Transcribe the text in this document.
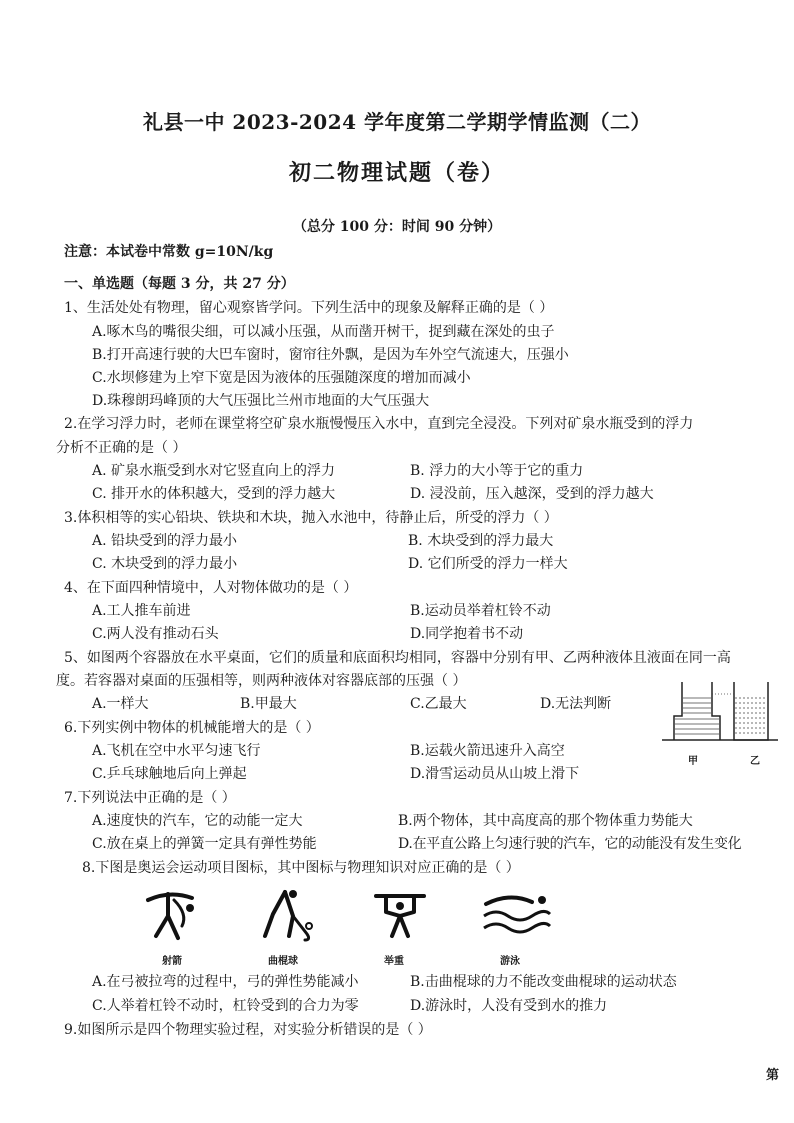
礼县一中 2023-2024 学年度第二学期学情监测（二）
初二物理试题（卷）
（总分 100 分：时间 90 分钟）
注意：本试卷中常数 g=10N/kg
一、单选题（每题 3 分，共 27 分）
1、生活处处有物理，留心观察皆学问。下列生活中的现象及解释正确的是（ ）
A.啄木鸟的嘴很尖细，可以减小压强，从而凿开树干，捉到藏在深处的虫子
B.打开高速行驶的大巴车窗时，窗帘往外飘，是因为车外空气流速大，压强小
C.水坝修建为上窄下宽是因为液体的压强随深度的增加而减小
D.珠穆朗玛峰顶的大气压强比兰州市地面的大气压强大
2.在学习浮力时，老师在课堂将空矿泉水瓶慢慢压入水中，直到完全浸没。下列对矿泉水瓶受到的浮力
分析不正确的是（ ）
A. 矿泉水瓶受到水对它竖直向上的浮力	B. 浮力的大小等于它的重力
C. 排开水的体积越大，受到的浮力越大	D. 浸没前，压入越深，受到的浮力越大
3.体积相等的实心铅块、铁块和木块，抛入水池中，待静止后，所受的浮力（ ）
A. 铅块受到的浮力最小	B. 木块受到的浮力最大
C. 木块受到的浮力最小	D. 它们所受的浮力一样大
4、在下面四种情境中，人对物体做功的是（ ）
A.工人推车前进	B.运动员举着杠铃不动
C.两人没有推动石头	D.同学抱着书不动
5、如图两个容器放在水平桌面，它们的质量和底面积均相同，容器中分别有甲、乙两种液体且液面在同一高
度。若容器对桌面的压强相等，则两种液体对容器底部的压强（ ）
A.一样大	B.甲最大	C.乙最大	D.无法判断
甲	乙
6.下列实例中物体的机械能增大的是（ ）
A.飞机在空中水平匀速飞行	B.运载火箭迅速升入高空
C.乒乓球触地后向上弹起	D.滑雪运动员从山坡上滑下
7.下列说法中正确的是（ ）
A.速度快的汽车，它的动能一定大	B.两个物体，其中高度高的那个物体重力势能大
C.放在桌上的弹簧一定具有弹性势能	D.在平直公路上匀速行驶的汽车，它的动能没有发生变化
8.下图是奥运会运动项目图标，其中图标与物理知识对应正确的是（ ）
射箭	曲棍球	举重	游泳
A.在弓被拉弯的过程中，弓的弹性势能减小	B.击曲棍球的力不能改变曲棍球的运动状态
C.人举着杠铃不动时，杠铃受到的合力为零	D.游泳时，人没有受到水的推力
9.如图所示是四个物理实验过程，对实验分析错误的是（ ）
第
